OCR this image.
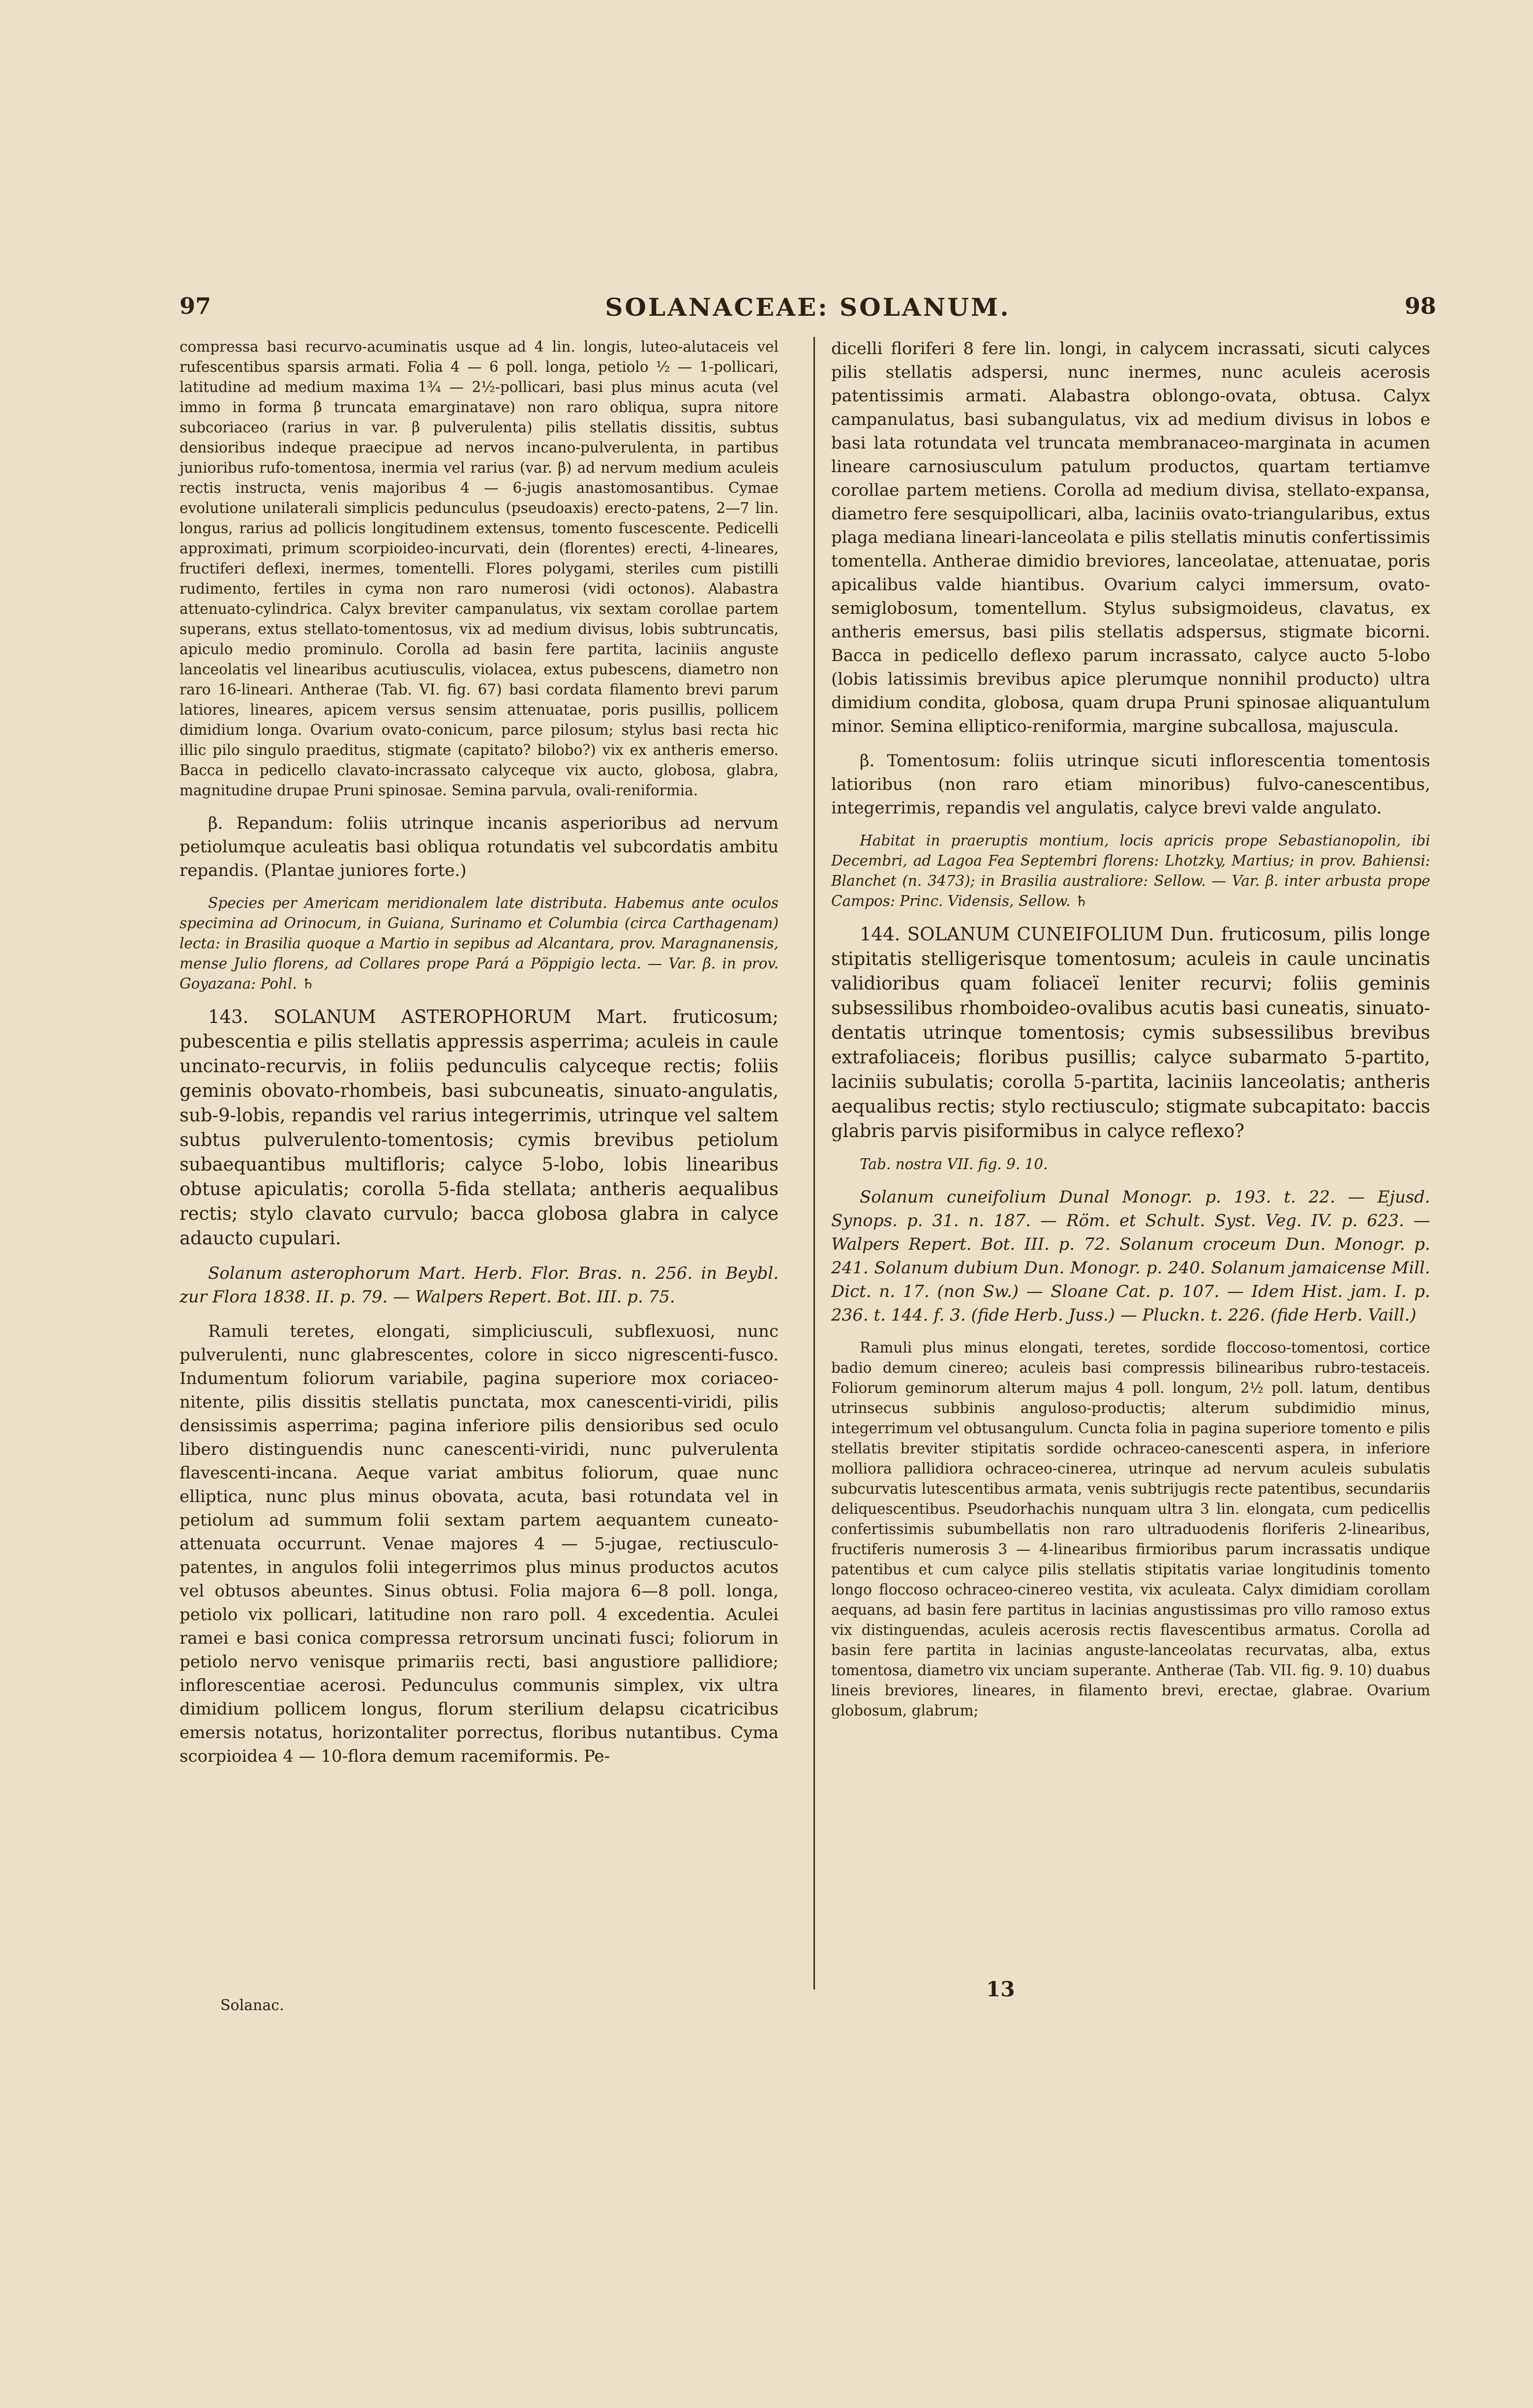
97	SOLANACEAE: SOLANUM.	98

compressa basi recurvo-acuminatis usque ad 4 lin. longis, luteo-alutaceis vel rufescentibus sparsis armati. Folia 4 — 6 poll. longa, petiolo ½ — 1-pollicari, latitudine ad medium maxima 1¾ — 2½-pollicari, basi plus minus acuta (vel immo in forma β truncata emarginatave) non raro obliqua, supra nitore subcoriaceo (rarius in var. β pulverulenta) pilis stellatis dissitis, subtus densioribus indeque praecipue ad nervos incano-pulverulenta, in partibus junioribus rufo-tomentosa, inermia vel rarius (var. β) ad nervum medium aculeis rectis instructa, venis majoribus 4 — 6-jugis anastomosantibus. Cymae evolutione unilaterali simplicis pedunculus (pseudoaxis) erecto-patens, 2—7 lin. longus, rarius ad pollicis longitudinem extensus, tomento fuscescente. Pedicelli approximati, primum scorpioideo-incurvati, dein (florentes) erecti, 4-lineares, fructiferi deflexi, inermes, tomentelli. Flores polygami, steriles cum pistilli rudimento, fertiles in cyma non raro numerosi (vidi octonos). Alabastra attenuato-cylindrica. Calyx breviter campanulatus, vix sextam corollae partem superans, extus stellato-tomentosus, vix ad medium divisus, lobis subtruncatis, apiculo medio prominulo. Corolla ad basin fere partita, laciniis anguste lanceolatis vel linearibus acutiusculis, violacea, extus pubescens, diametro non raro 16-lineari. Antherae (Tab. VI. fig. 67) basi cordata filamento brevi parum latiores, lineares, apicem versus sensim attenuatae, poris pusillis, pollicem dimidium longa. Ovarium ovato-conicum, parce pilosum; stylus basi recta hic illic pilo singulo praeditus, stigmate (capitato? bilobo?) vix ex antheris emerso. Bacca in pedicello clavato-incrassato calyceque vix aucto, globosa, glabra, magnitudine drupae Pruni spinosae. Semina parvula, ovali-reniformia.

β. Repandum: foliis utrinque incanis asperioribus ad nervum petiolumque aculeatis basi obliqua rotundatis vel subcordatis ambitu repandis. (Plantae juniores forte.)

Species per Americam meridionalem late distributa. Habemus ante oculos specimina ad Orinocum, in Guiana, Surinamo et Columbia (circa Carthagenam) lecta: in Brasilia quoque a Martio in sepibus ad Alcantara, prov. Maragnanensis, mense Julio florens, ad Collares prope Pará a Pöppigio lecta. — Var. β. in prov. Goyazana: Pohl. ♄

143. SOLANUM ASTEROPHORUM Mart. fruticosum; pubescentia e pilis stellatis appressis asperrima; aculeis in caule uncinato-recurvis, in foliis pedunculis calyceque rectis; foliis geminis obovato-rhombeis, basi subcuneatis, sinuato-angulatis, sub-9-lobis, repandis vel rarius integerrimis, utrinque vel saltem subtus pulverulento-tomentosis; cymis brevibus petiolum subaequantibus multifloris; calyce 5-lobo, lobis linearibus obtuse apiculatis; corolla 5-fida stellata; antheris aequalibus rectis; stylo clavato curvulo; bacca globosa glabra in calyce adaucto cupulari.

Solanum asterophorum Mart. Herb. Flor. Bras. n. 256. in Beybl. zur Flora 1838. II. p. 79. — Walpers Repert. Bot. III. p. 75.

Ramuli teretes, elongati, simpliciusculi, subflexuosi, nunc pulverulenti, nunc glabrescentes, colore in sicco nigrescenti-fusco. Indumentum foliorum variabile, pagina superiore mox coriaceo-nitente, pilis dissitis stellatis punctata, mox canescenti-viridi, pilis densissimis asperrima; pagina inferiore pilis densioribus sed oculo libero distinguendis nunc canescenti-viridi, nunc pulverulenta flavescenti-incana. Aeque variat ambitus foliorum, quae nunc elliptica, nunc plus minus obovata, acuta, basi rotundata vel in petiolum ad summum folii sextam partem aequantem cuneato-attenuata occurrunt. Venae majores 4 — 5-jugae, rectiusculo-patentes, in angulos folii integerrimos plus minus productos acutos vel obtusos abeuntes. Sinus obtusi. Folia majora 6—8 poll. longa, petiolo vix pollicari, latitudine non raro poll. 4 excedentia. Aculei ramei e basi conica compressa retrorsum uncinati fusci; foliorum in petiolo nervo venisque primariis recti, basi angustiore pallidiore; inflorescentiae acerosi. Pedunculus communis simplex, vix ultra dimidium pollicem longus, florum sterilium delapsu cicatricibus emersis notatus, horizontaliter porrectus, floribus nutantibus. Cyma scorpioidea 4 — 10-flora demum racemiformis. Pe-

dicelli floriferi 8 fere lin. longi, in calycem incrassati, sicuti calyces pilis stellatis adspersi, nunc inermes, nunc aculeis acerosis patentissimis armati. Alabastra oblongo-ovata, obtusa. Calyx campanulatus, basi subangulatus, vix ad medium divisus in lobos e basi lata rotundata vel truncata membranaceo-marginata in acumen lineare carnosiusculum patulum productos, quartam tertiamve corollae partem metiens. Corolla ad medium divisa, stellato-expansa, diametro fere sesquipollicari, alba, laciniis ovato-triangularibus, extus plaga mediana lineari-lanceolata e pilis stellatis minutis confertissimis tomentella. Antherae dimidio breviores, lanceolatae, attenuatae, poris apicalibus valde hiantibus. Ovarium calyci immersum, ovato-semiglobosum, tomentellum. Stylus subsigmoideus, clavatus, ex antheris emersus, basi pilis stellatis adspersus, stigmate bicorni. Bacca in pedicello deflexo parum incrassato, calyce aucto 5-lobo (lobis latissimis brevibus apice plerumque nonnihil producto) ultra dimidium condita, globosa, quam drupa Pruni spinosae aliquantulum minor. Semina elliptico-reniformia, margine subcallosa, majuscula.

β. Tomentosum: foliis utrinque sicuti inflorescentia tomentosis latioribus (non raro etiam minoribus) fulvo-canescentibus, integerrimis, repandis vel angulatis, calyce brevi valde angulato.

Habitat in praeruptis montium, locis apricis prope Sebastianopolin, ibi Decembri, ad Lagoa Fea Septembri florens: Lhotzky, Martius; in prov. Bahiensi: Blanchet (n. 3473); in Brasilia australiore: Sellow. — Var. β. inter arbusta prope Campos: Princ. Vidensis, Sellow. ♄

144. SOLANUM CUNEIFOLIUM Dun. fruticosum, pilis longe stipitatis stelligerisque tomentosum; aculeis in caule uncinatis validioribus quam foliaceï leniter recurvi; foliis geminis subsessilibus rhomboideo-ovalibus acutis basi cuneatis, sinuato-dentatis utrinque tomentosis; cymis subsessilibus brevibus extrafoliaceis; floribus pusillis; calyce subarmato 5-partito, laciniis subulatis; corolla 5-partita, laciniis lanceolatis; antheris aequalibus rectis; stylo rectiusculo; stigmate subcapitato: baccis glabris parvis pisiformibus in calyce reflexo?

Tab. nostra VII. fig. 9. 10.

Solanum cuneifolium Dunal Monogr. p. 193. t. 22. — Ejusd. Synops. p. 31. n. 187. — Röm. et Schult. Syst. Veg. IV. p. 623. — Walpers Repert. Bot. III. p. 72. Solanum croceum Dun. Monogr. p. 241. Solanum dubium Dun. Monogr. p. 240. Solanum jamaicense Mill. Dict. n. 17. (non Sw.) — Sloane Cat. p. 107. — Idem Hist. jam. I. p. 236. t. 144. f. 3. (fide Herb. Juss.) — Pluckn. t. 226. (fide Herb. Vaill.)

Ramuli plus minus elongati, teretes, sordide floccoso-tomentosi, cortice badio demum cinereo; aculeis basi compressis bilinearibus rubro-testaceis. Foliorum geminorum alterum majus 4 poll. longum, 2½ poll. latum, dentibus utrinsecus subbinis anguloso-productis; alterum subdimidio minus, integerrimum vel obtusangulum. Cuncta folia in pagina superiore tomento e pilis stellatis breviter stipitatis sordide ochraceo-canescenti aspera, in inferiore molliora pallidiora ochraceo-cinerea, utrinque ad nervum aculeis subulatis subcurvatis lutescentibus armata, venis subtrijugis recte patentibus, secundariis deliquescentibus. Pseudorhachis nunquam ultra 3 lin. elongata, cum pedicellis confertissimis subumbellatis non raro ultraduodenis floriferis 2-linearibus, fructiferis numerosis 3 — 4-linearibus firmioribus parum incrassatis undique patentibus et cum calyce pilis stellatis stipitatis variae longitudinis tomento longo floccoso ochraceo-cinereo vestita, vix aculeata. Calyx dimidiam corollam aequans, ad basin fere partitus in lacinias angustissimas pro villo ramoso extus vix distinguendas, aculeis acerosis rectis flavescentibus armatus. Corolla ad basin fere partita in lacinias anguste-lanceolatas recurvatas, alba, extus tomentosa, diametro vix unciam superante. Antherae (Tab. VII. fig. 9. 10) duabus lineis breviores, lineares, in filamento brevi, erectae, glabrae. Ovarium globosum, glabrum;

13
Solanac.
